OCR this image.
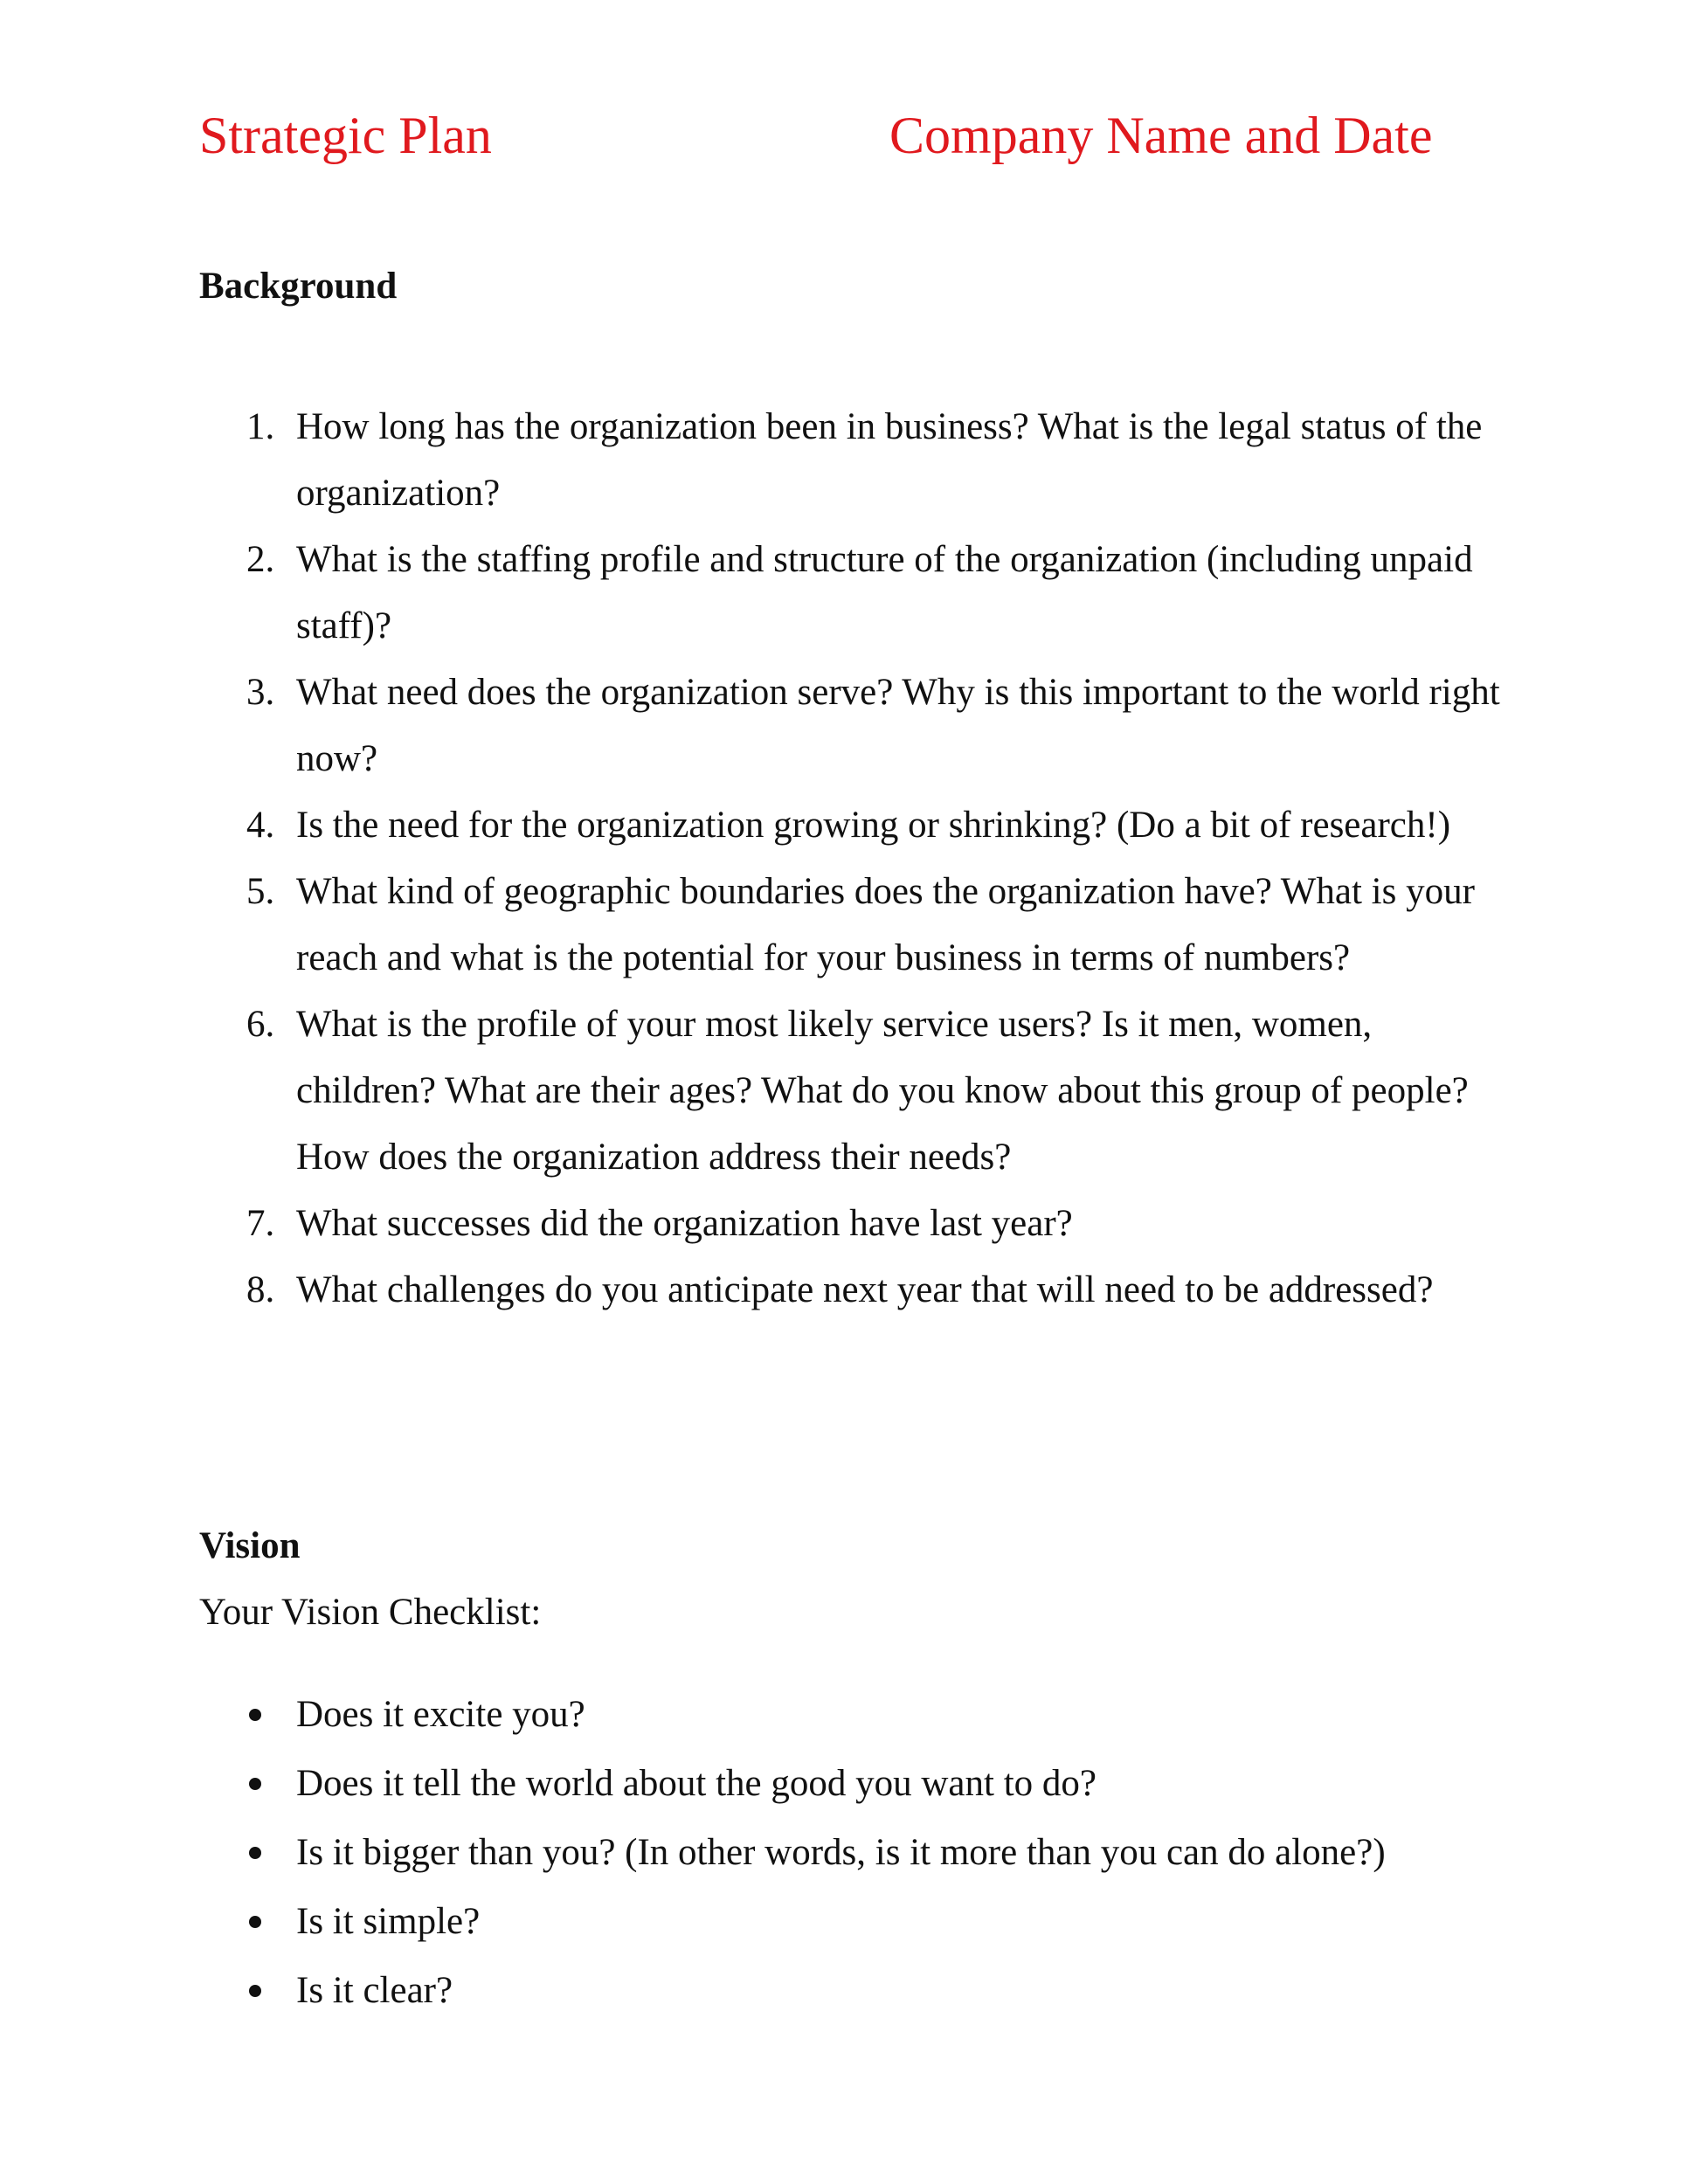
Strategic Plan	Company Name and Date
Background
1. How long has the organization been in business? What is the legal status of the organization?
2. What is the staffing profile and structure of the organization (including unpaid staff)?
3. What need does the organization serve? Why is this important to the world right now?
4. Is the need for the organization growing or shrinking? (Do a bit of research!)
5. What kind of geographic boundaries does the organization have? What is your reach and what is the potential for your business in terms of numbers?
6. What is the profile of your most likely service users? Is it men, women, children? What are their ages? What do you know about this group of people? How does the organization address their needs?
7. What successes did the organization have last year?
8. What challenges do you anticipate next year that will need to be addressed?
Vision
Your Vision Checklist:
Does it excite you?
Does it tell the world about the good you want to do?
Is it bigger than you? (In other words, is it more than you can do alone?)
Is it simple?
Is it clear?
